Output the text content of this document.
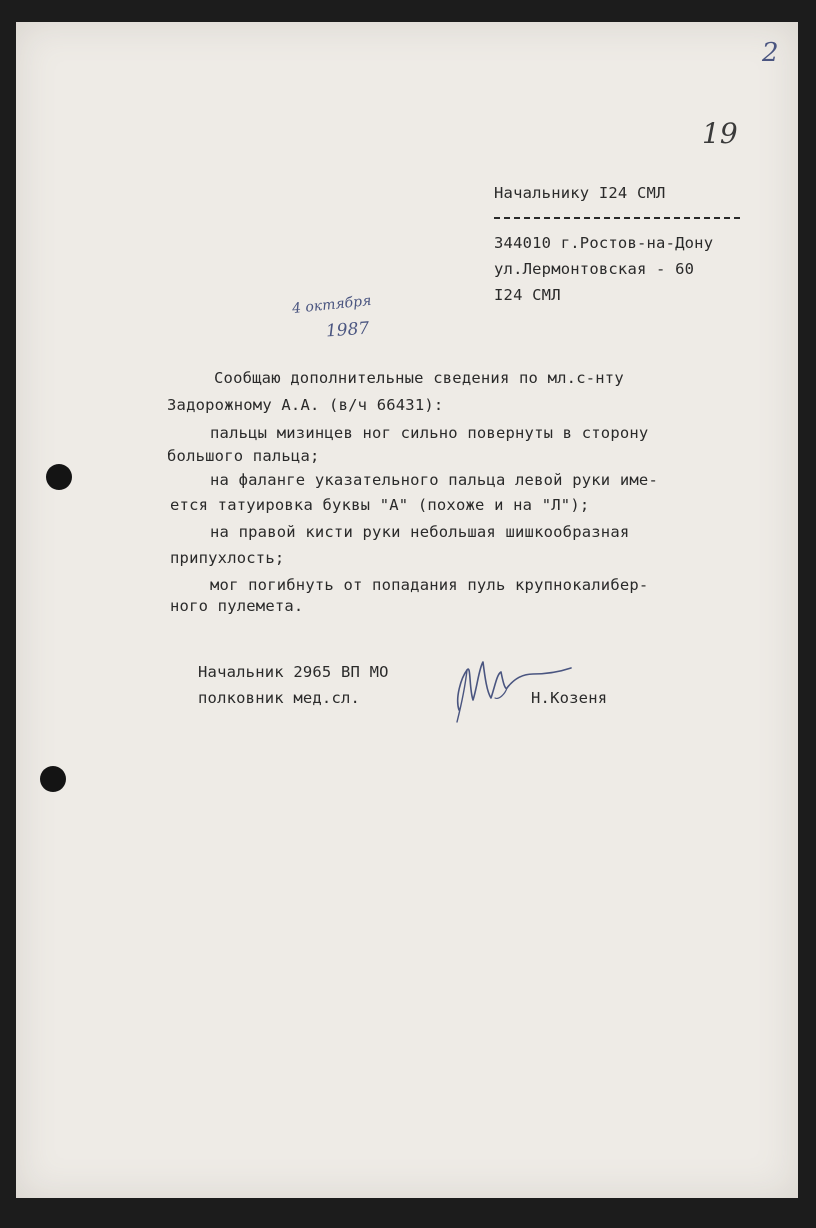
2
19
Начальнику I24 СМЛ
344010 г.Ростов-на-Дону
ул.Лермонтовская - 60
I24 СМЛ
4 октября
1987
Сообщаю дополнительные сведения по мл.с-нту
Задорожному А.А. (в/ч 66431):
пальцы мизинцев ног сильно повернуты в сторону
большого пальца;
на фаланге указательного пальца левой руки име-
ется татуировка буквы "А" (похоже и на "Л");
на правой кисти руки небольшая шишкообразная
припухлость;
мог погибнуть от попадания пуль крупнокалибер-
ного пулемета.
Начальник 2965 ВП МО
полковник мед.сл.	Н.Козеня
